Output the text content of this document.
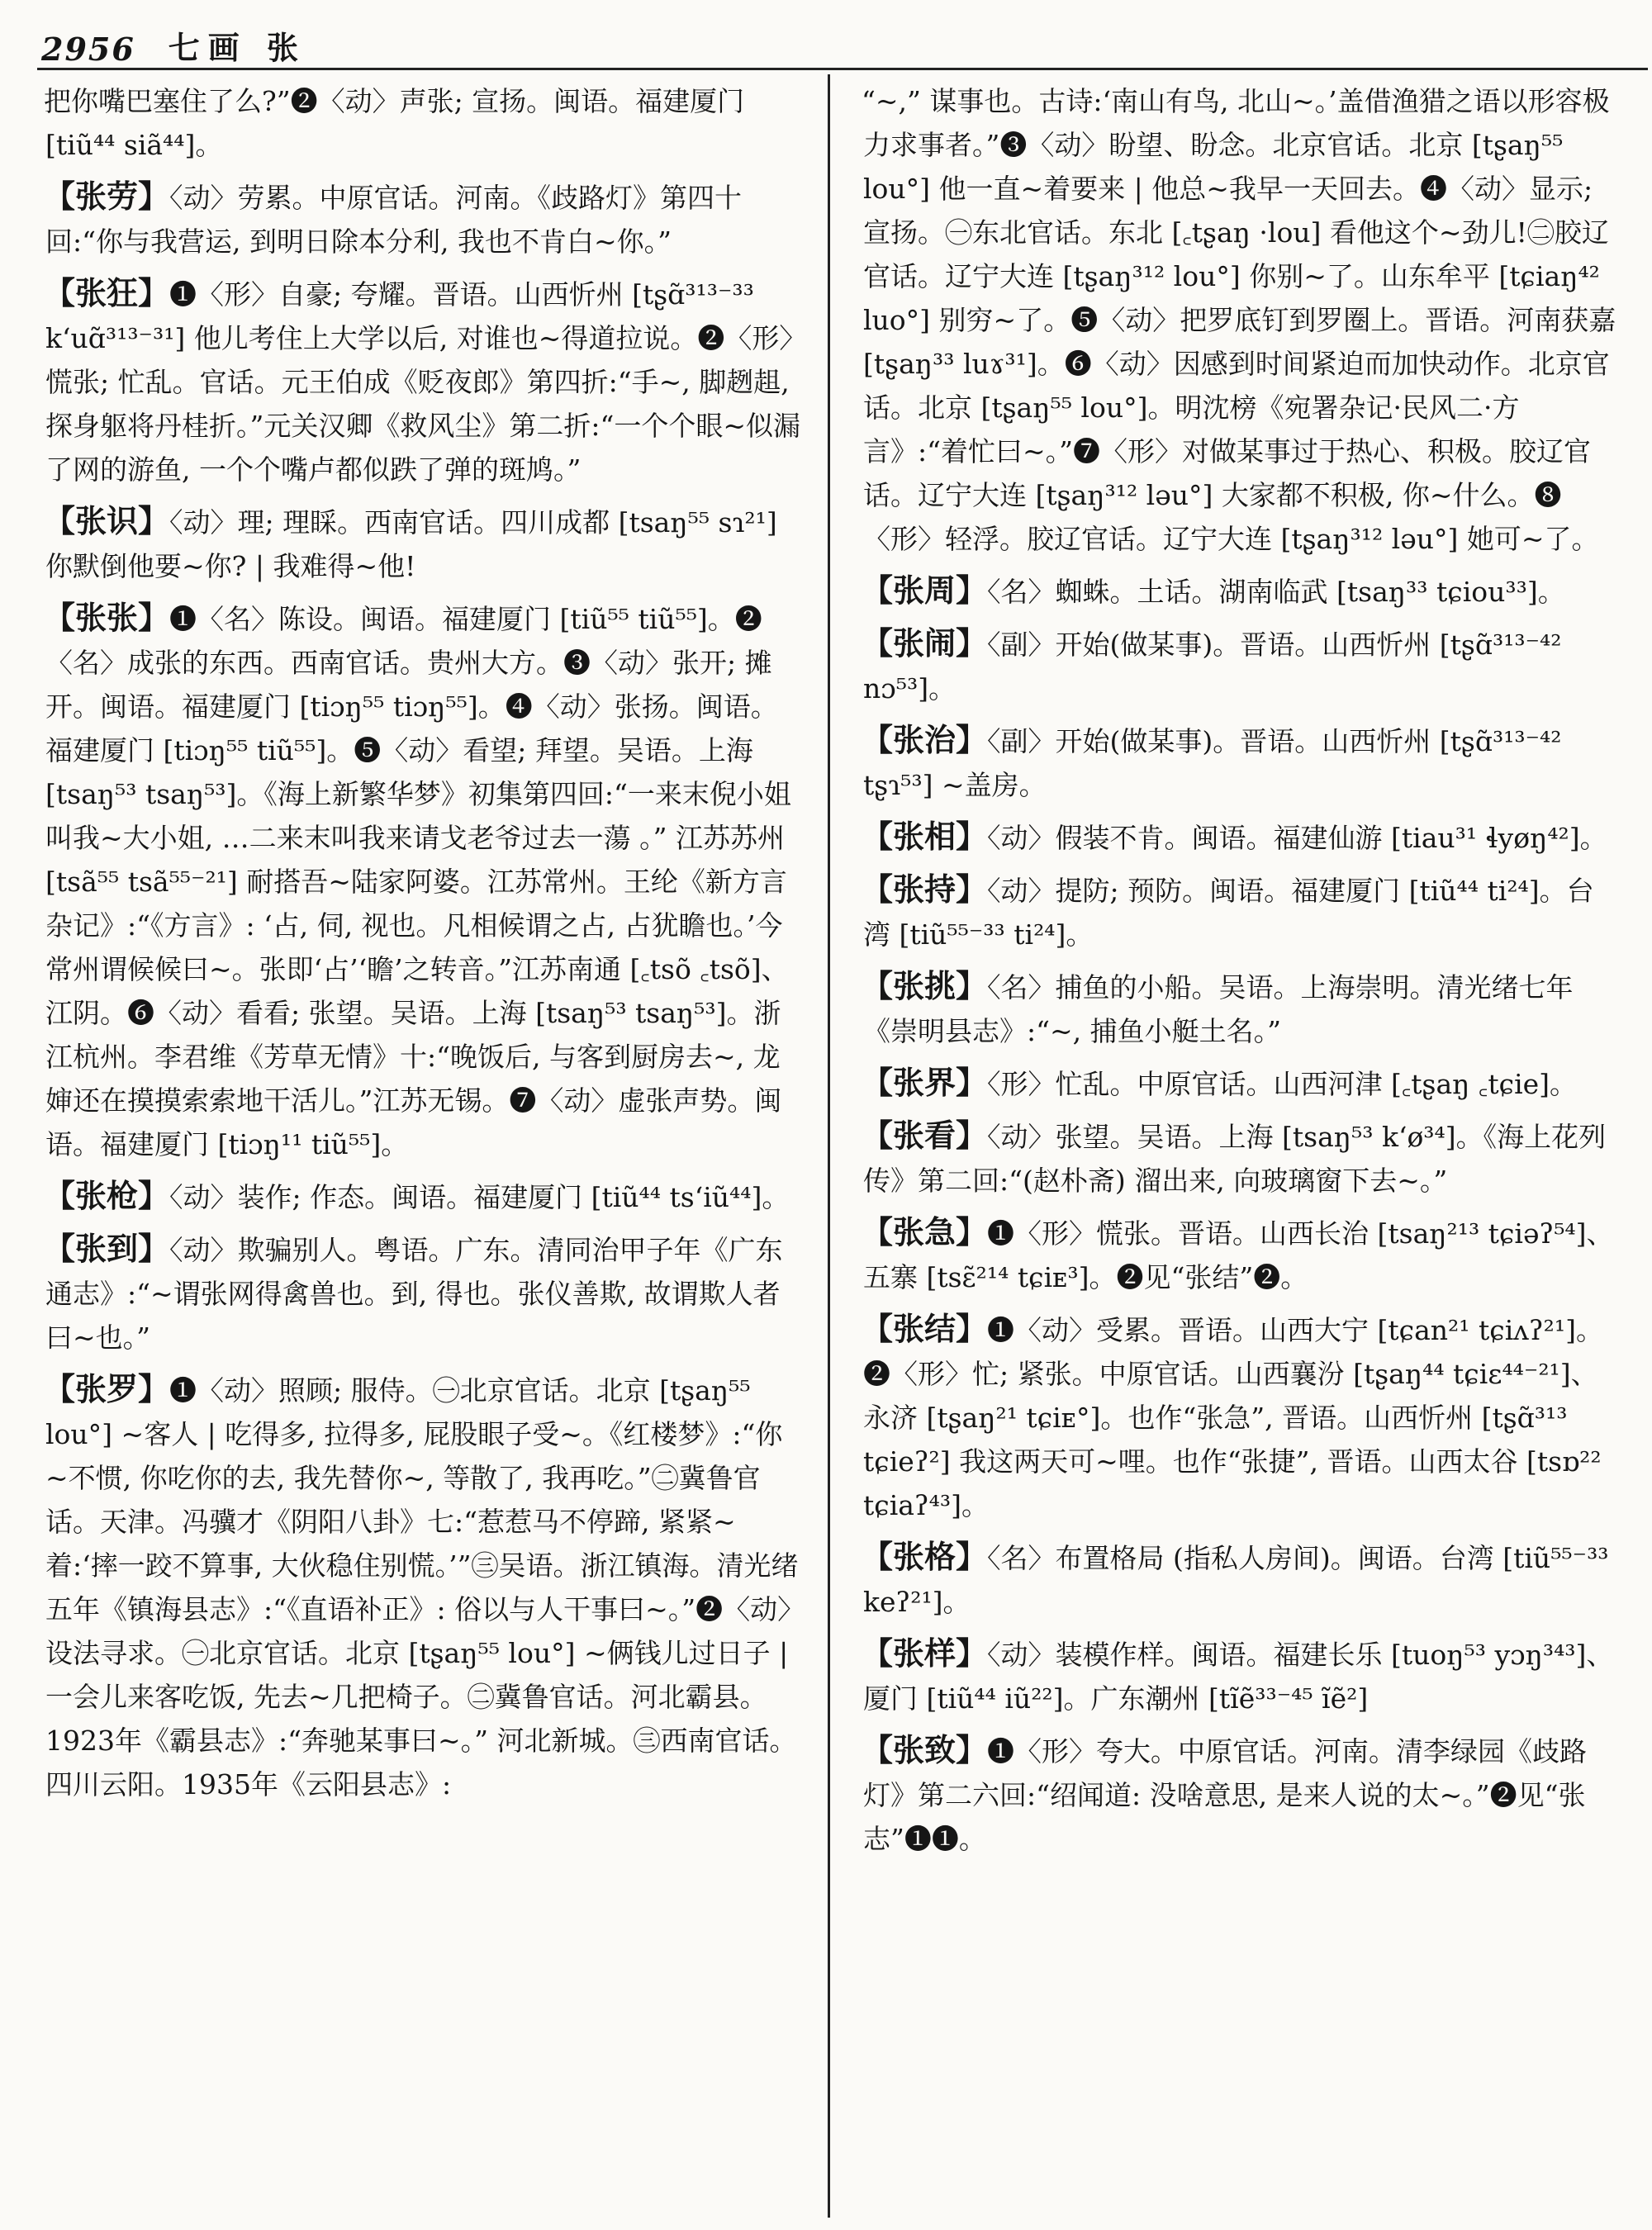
2956 七画 张

把你嘴巴塞住了么?”❷〈动〉声张; 宣扬。闽语。福建厦门 [tiũ⁴⁴ siã⁴⁴]。

【张劳】〈动〉劳累。中原官话。河南。《歧路灯》第四十回:“你与我营运, 到明日除本分利, 我也不肯白~你。”

【张狂】❶〈形〉自豪; 夸耀。晋语。山西忻州 [tʂɑ̃³¹³⁻³³ k‘uɑ̃³¹³⁻³¹] 他儿考住上大学以后, 对谁也~得道拉说。❷〈形〉慌张; 忙乱。官话。元王伯成《贬夜郎》第四折:“手~, 脚趔趄, 探身躯将丹桂折。”元关汉卿《救风尘》第二折:“一个个眼~似漏了网的游鱼, 一个个嘴卢都似跌了弹的斑鸠。”

【张识】〈动〉理; 理睬。西南官话。四川成都 [tsaŋ⁵⁵ sɿ²¹] 你默倒他要~你? | 我难得~他!

【张张】❶〈名〉陈设。闽语。福建厦门 [tiũ⁵⁵ tiũ⁵⁵]。❷〈名〉成张的东西。西南官话。贵州大方。❸〈动〉张开; 摊开。闽语。福建厦门 [tiɔŋ⁵⁵ tiɔŋ⁵⁵]。❹〈动〉张扬。闽语。福建厦门 [tiɔŋ⁵⁵ tiũ⁵⁵]。❺〈动〉看望; 拜望。吴语。上海 [tsaŋ⁵³ tsaŋ⁵³]。《海上新繁华梦》初集第四回:“一来末倪小姐叫我~大小姐, …二来末叫我来请戈老爷过去一蕩 。” 江苏苏州 [tsã⁵⁵ tsã⁵⁵⁻²¹] 耐搭吾~陆家阿婆。江苏常州。王纶《新方言杂记》:“《方言》: ‘占, 伺, 视也。凡相候谓之占, 占犹瞻也。’今常州谓候候曰~。张即‘占’‘瞻’之转音。”江苏南通 [꜀tsõ ꜀tsõ]、江阴。❻〈动〉看看; 张望。吴语。上海 [tsaŋ⁵³ tsaŋ⁵³]。浙江杭州。李君维《芳草无情》十:“晚饭后, 与客到厨房去~, 龙婶还在摸摸索索地干活儿。”江苏无锡。❼〈动〉虚张声势。闽语。福建厦门 [tiɔŋ¹¹ tiũ⁵⁵]。

【张枪】〈动〉装作; 作态。闽语。福建厦门 [tiũ⁴⁴ ts‘iũ⁴⁴]。

【张到】〈动〉欺骗别人。粤语。广东。清同治甲子年《广东通志》:“~谓张网得禽兽也。到, 得也。张仪善欺, 故谓欺人者曰~也。”

【张罗】❶〈动〉照顾; 服侍。㊀北京官话。北京 [tʂaŋ⁵⁵ lou°] ~客人 | 吃得多, 拉得多, 屁股眼子受~。《红楼梦》:“你~不惯, 你吃你的去, 我先替你~, 等散了, 我再吃。”㊁冀鲁官话。天津。冯骥才《阴阳八卦》七:“惹惹马不停蹄, 紧紧~着:‘摔一跤不算事, 大伙稳住别慌。’”㊂吴语。浙江镇海。清光绪五年《镇海县志》:“《直语补正》: 俗以与人干事曰~。”❷〈动〉设法寻求。㊀北京官话。北京 [tʂaŋ⁵⁵ lou°] ~俩钱儿过日子 | 一会儿来客吃饭, 先去~几把椅子。㊁冀鲁官话。河北霸县。1923年《霸县志》:“奔驰某事曰~。” 河北新城。㊂西南官话。四川云阳。1935年《云阳县志》:

“~,” 谋事也。古诗:‘南山有鸟, 北山~。’盖借渔猎之语以形容极力求事者。”❸〈动〉盼望、盼念。北京官话。北京 [tʂaŋ⁵⁵ lou°] 他一直~着要来 | 他总~我早一天回去。❹〈动〉显示; 宣扬。㊀东北官话。东北 [꜀tʂaŋ ·lou] 看他这个~劲儿!㊁胶辽官话。辽宁大连 [tʂaŋ³¹² lou°] 你别~了。山东牟平 [tɕiaŋ⁴² luo°] 别穷~了。❺〈动〉把罗底钉到罗圈上。晋语。河南获嘉 [tʂaŋ³³ luɤ³¹]。❻〈动〉因感到时间紧迫而加快动作。北京官话。北京 [tʂaŋ⁵⁵ lou°]。明沈榜《宛署杂记·民风二·方言》:“着忙曰~。”❼〈形〉对做某事过于热心、积极。胶辽官话。辽宁大连 [tʂaŋ³¹² ləu°] 大家都不积极, 你~什么。❽〈形〉轻浮。胶辽官话。辽宁大连 [tʂaŋ³¹² ləu°] 她可~了。

【张周】〈名〉蜘蛛。土话。湖南临武 [tsaŋ³³ tɕiou³³]。

【张闹】〈副〉开始(做某事)。晋语。山西忻州 [tʂɑ̃³¹³⁻⁴² nɔ⁵³]。

【张治】〈副〉开始(做某事)。晋语。山西忻州 [tʂɑ̃³¹³⁻⁴² tʂɿ⁵³] ~盖房。

【张相】〈动〉假装不肯。闽语。福建仙游 [tiau³¹ ɬyøŋ⁴²]。

【张持】〈动〉提防; 预防。闽语。福建厦门 [tiũ⁴⁴ ti²⁴]。台湾 [tiũ⁵⁵⁻³³ ti²⁴]。

【张挑】〈名〉捕鱼的小船。吴语。上海崇明。清光绪七年《崇明县志》:“~, 捕鱼小艇土名。”

【张界】〈形〉忙乱。中原官话。山西河津 [꜀tʂaŋ ꜀tɕie]。

【张看】〈动〉张望。吴语。上海 [tsaŋ⁵³ k‘ø³⁴]。《海上花列传》第二回:“(赵朴斋) 溜出来, 向玻璃窗下去~。”

【张急】❶〈形〉慌张。晋语。山西长治 [tsaŋ²¹³ tɕiəʔ⁵⁴]、五寨 [tsɛ̃²¹⁴ tɕiᴇ³]。❷见“张结”❷。

【张结】❶〈动〉受累。晋语。山西大宁 [tɕan²¹ tɕiʌʔ²¹]。❷〈形〉忙; 紧张。中原官话。山西襄汾 [tʂaŋ⁴⁴ tɕiɛ⁴⁴⁻²¹]、永济 [tʂaŋ²¹ tɕiᴇ°]。也作“张急”, 晋语。山西忻州 [tʂɑ̃³¹³ tɕieʔ²] 我这两天可~哩。也作“张捷”, 晋语。山西太谷 [tsɒ²² tɕiaʔ⁴³]。

【张格】〈名〉布置格局 (指私人房间)。闽语。台湾 [tiũ⁵⁵⁻³³ keʔ²¹]。

【张样】〈动〉装模作样。闽语。福建长乐 [tuoŋ⁵³ yɔŋ³⁴³]、厦门 [tiũ⁴⁴ iũ²²]。广东潮州 [tĩẽ³³⁻⁴⁵ ĩẽ²]

【张致】❶〈形〉夸大。中原官话。河南。清李绿园《歧路灯》第二六回:“绍闻道: 没啥意思, 是来人说的太~。”❷见“张志”❶❶。
